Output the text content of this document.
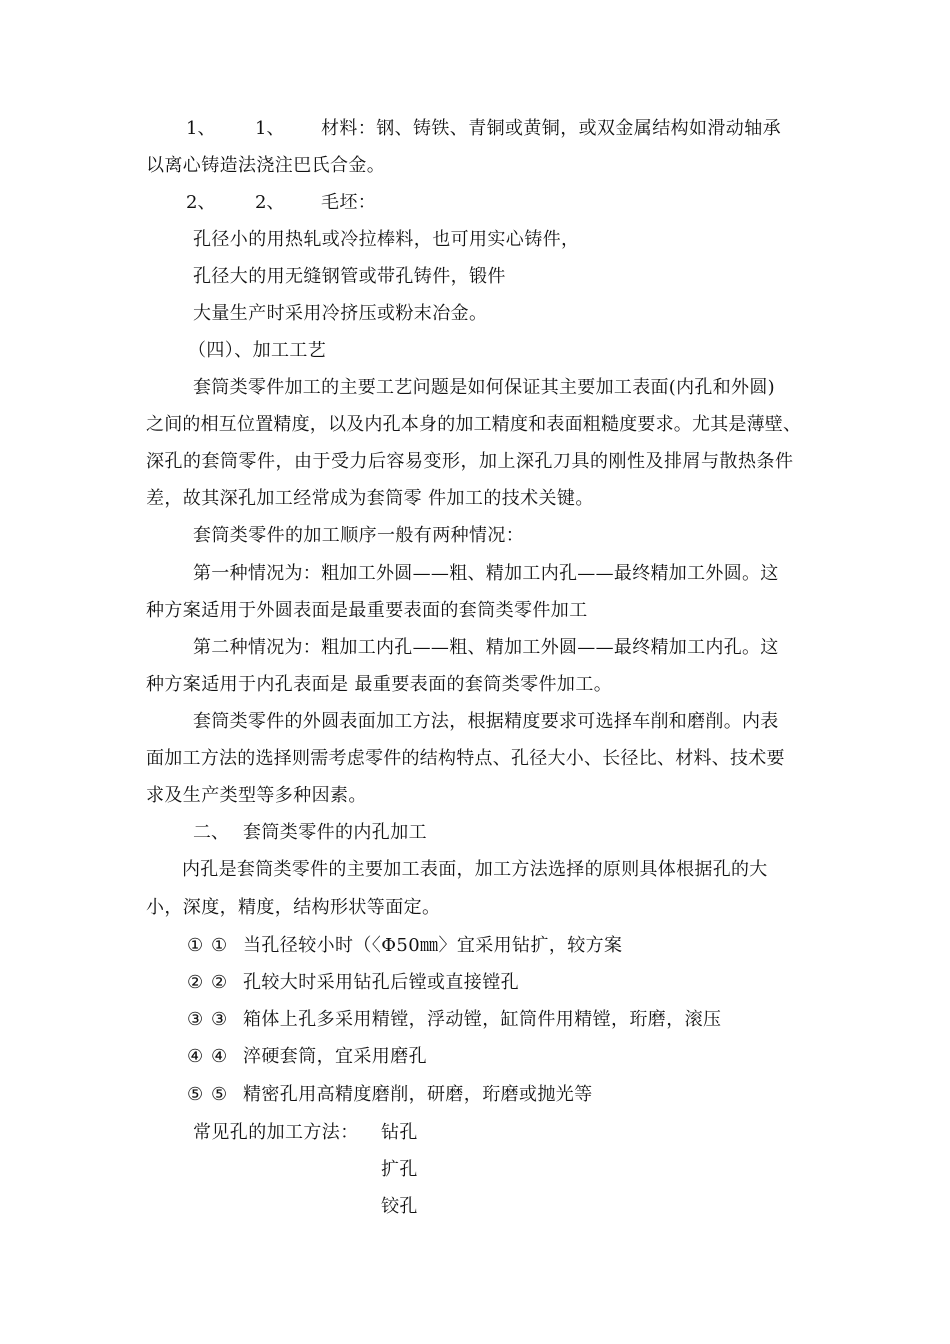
1、 1、 材料：钢、铸铁、青铜或黄铜，或双金属结构如滑动轴承
以离心铸造法浇注巴氏合金。
2、 2、 毛坯：
孔径小的用热轧或冷拉棒料，也可用实心铸件，
孔径大的用无缝钢管或带孔铸件，锻件
大量生产时采用冷挤压或粉末冶金。
（四）、加工工艺
套筒类零件加工的主要工艺问题是如何保证其主要加工表面(内孔和外圆)
之间的相互位置精度，以及内孔本身的加工精度和表面粗糙度要求。尤其是薄壁、
深孔的套筒零件，由于受力后容易变形，加上深孔刀具的刚性及排屑与散热条件
差，故其深孔加工经常成为套筒零 件加工的技术关键。
套筒类零件的加工顺序一般有两种情况：
第一种情况为：粗加工外圆——粗、精加工内孔——最终精加工外圆。这
种方案适用于外圆表面是最重要表面的套筒类零件加工
第二种情况为：粗加工内孔——粗、精加工外圆——最终精加工内孔。这
种方案适用于内孔表面是 最重要表面的套筒类零件加工。
套筒类零件的外圆表面加工方法，根据精度要求可选择车削和磨削。内表
面加工方法的选择则需考虑零件的结构特点、孔径大小、长径比、材料、技术要
求及生产类型等多种因素。
二、 套筒类零件的内孔加工
内孔是套筒类零件的主要加工表面，加工方法选择的原则具体根据孔的大
小，深度，精度，结构形状等面定。
① ① 当孔径较小时（〈Φ50㎜〉宜采用钻扩，较方案
② ② 孔较大时采用钻孔后镗或直接镗孔
③ ③ 箱体上孔多采用精镗，浮动镗，缸筒件用精镗，珩磨，滚压
④ ④ 淬硬套筒，宜采用磨孔
⑤ ⑤ 精密孔用高精度磨削，研磨，珩磨或抛光等
常见孔的加工方法： 钻孔
扩孔
铰孔
